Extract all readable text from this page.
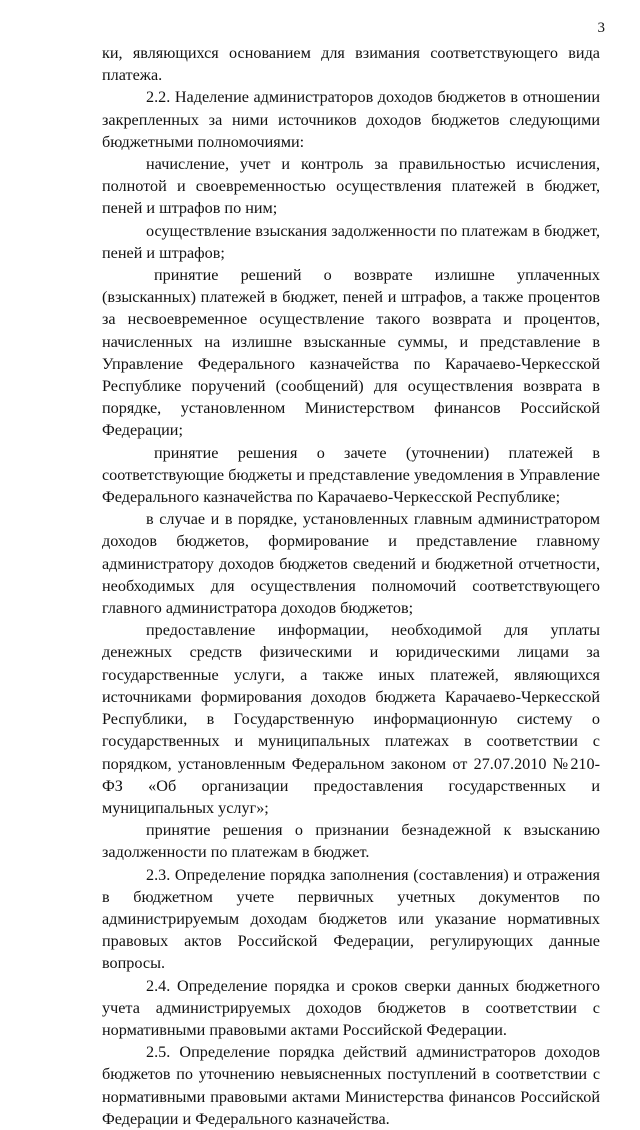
3

ки, являющихся основанием для взимания соответствующего вида платежа.

2.2. Наделение администраторов доходов бюджетов в отношении закрепленных за ними источников доходов бюджетов следующими бюджетными полномочиями:

начисление, учет и контроль за правильностью исчисления, полнотой и своевременностью осуществления платежей в бюджет, пеней и штрафов по ним;

осуществление взыскания задолженности по платежам в бюджет, пеней и штрафов;

принятие решений о возврате излишне уплаченных (взысканных) платежей в бюджет, пеней и штрафов, а также процентов за несвоевременное осуществление такого возврата и процентов, начисленных на излишне взысканные суммы, и представление в Управление Федерального казначейства по Карачаево-Черкесской Республике поручений (сообщений) для осуществления возврата в порядке, установленном Министерством финансов Российской Федерации;

принятие решения о зачете (уточнении) платежей в соответствующие бюджеты и представление уведомления в Управление Федерального казначейства по Карачаево-Черкесской Республике;

в случае и в порядке, установленных главным администратором доходов бюджетов, формирование и представление главному администратору доходов бюджетов сведений и бюджетной отчетности, необходимых для осуществления полномочий соответствующего главного администратора доходов бюджетов;

предоставление информации, необходимой для уплаты денежных средств физическими и юридическими лицами за государственные услуги, а также иных платежей, являющихся источниками формирования доходов бюджета Карачаево-Черкесской Республики, в Государственную информационную систему о государственных и муниципальных платежах в соответствии с порядком, установленным Федеральном законом от 27.07.2010 №210-ФЗ «Об организации предоставления государственных и муниципальных услуг»;

принятие решения о признании безнадежной к взысканию задолженности по платежам в бюджет.

2.3. Определение порядка заполнения (составления) и отражения в бюджетном учете первичных учетных документов по администрируемым доходам бюджетов или указание нормативных правовых актов Российской Федерации, регулирующих данные вопросы.

2.4. Определение порядка и сроков сверки данных бюджетного учета администрируемых доходов бюджетов в соответствии с нормативными правовыми актами Российской Федерации.

2.5. Определение порядка действий администраторов доходов бюджетов по уточнению невыясненных поступлений в соответствии с нормативными правовыми актами Министерства финансов Российской Федерации и Федерального казначейства.
